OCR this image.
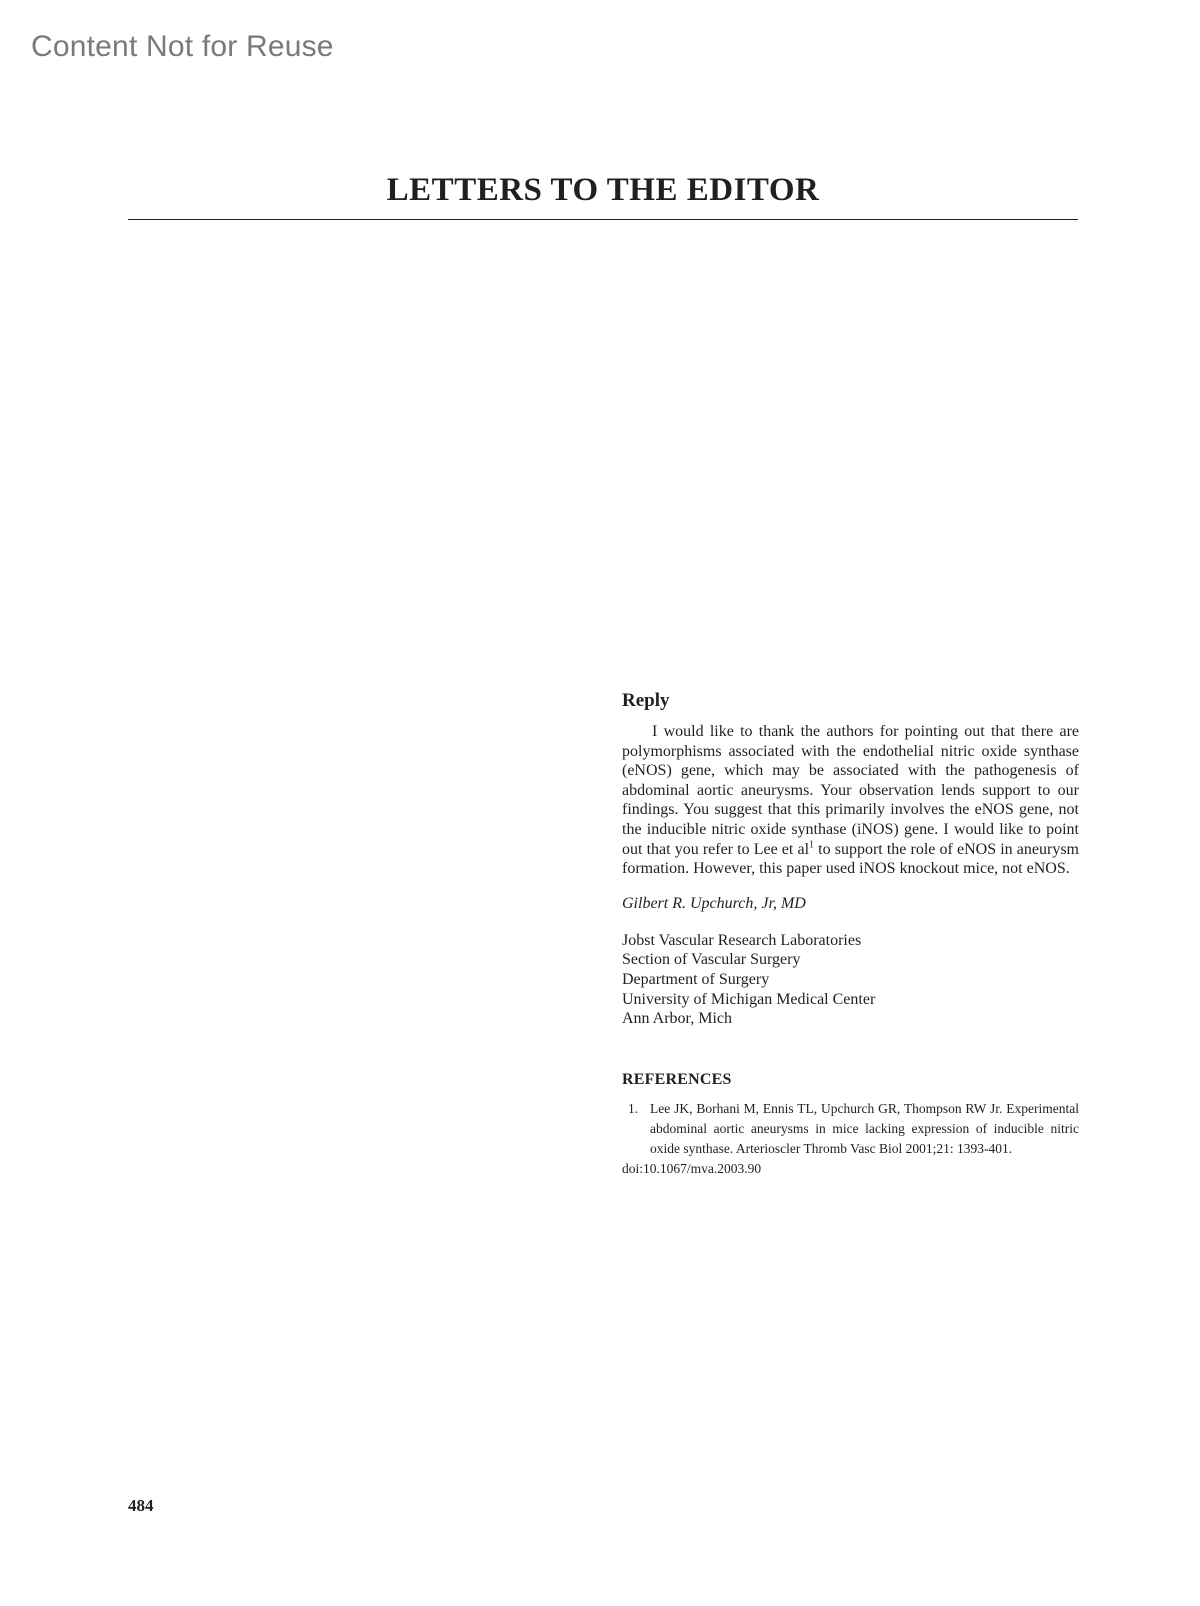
Content Not for Reuse
LETTERS TO THE EDITOR
Reply

I would like to thank the authors for pointing out that there are polymorphisms associated with the endothelial nitric oxide synthase (eNOS) gene, which may be associated with the pathogenesis of abdominal aortic aneurysms. Your observation lends support to our findings. You suggest that this primarily involves the eNOS gene, not the inducible nitric oxide synthase (iNOS) gene. I would like to point out that you refer to Lee et $al^1$ to support the role of eNOS in aneurysm formation. However, this paper used iNOS knockout mice, not eNOS.

Gilbert R. Upchurch, Jr, MD
Jobst Vascular Research Laboratories
Section of Vascular Surgery
Department of Surgery
University of Michigan Medical Center
Ann Arbor, Mich
REFERENCES
1. Lee JK, Borhani M, Ennis TL, Upchurch GR, Thompson RW Jr. Experimental abdominal aortic aneurysms in mice lacking expression of inducible nitric oxide synthase. Arterioscler Thromb Vasc Biol 2001;21: 1393-401.
doi:10.1067/mva.2003.90
484
